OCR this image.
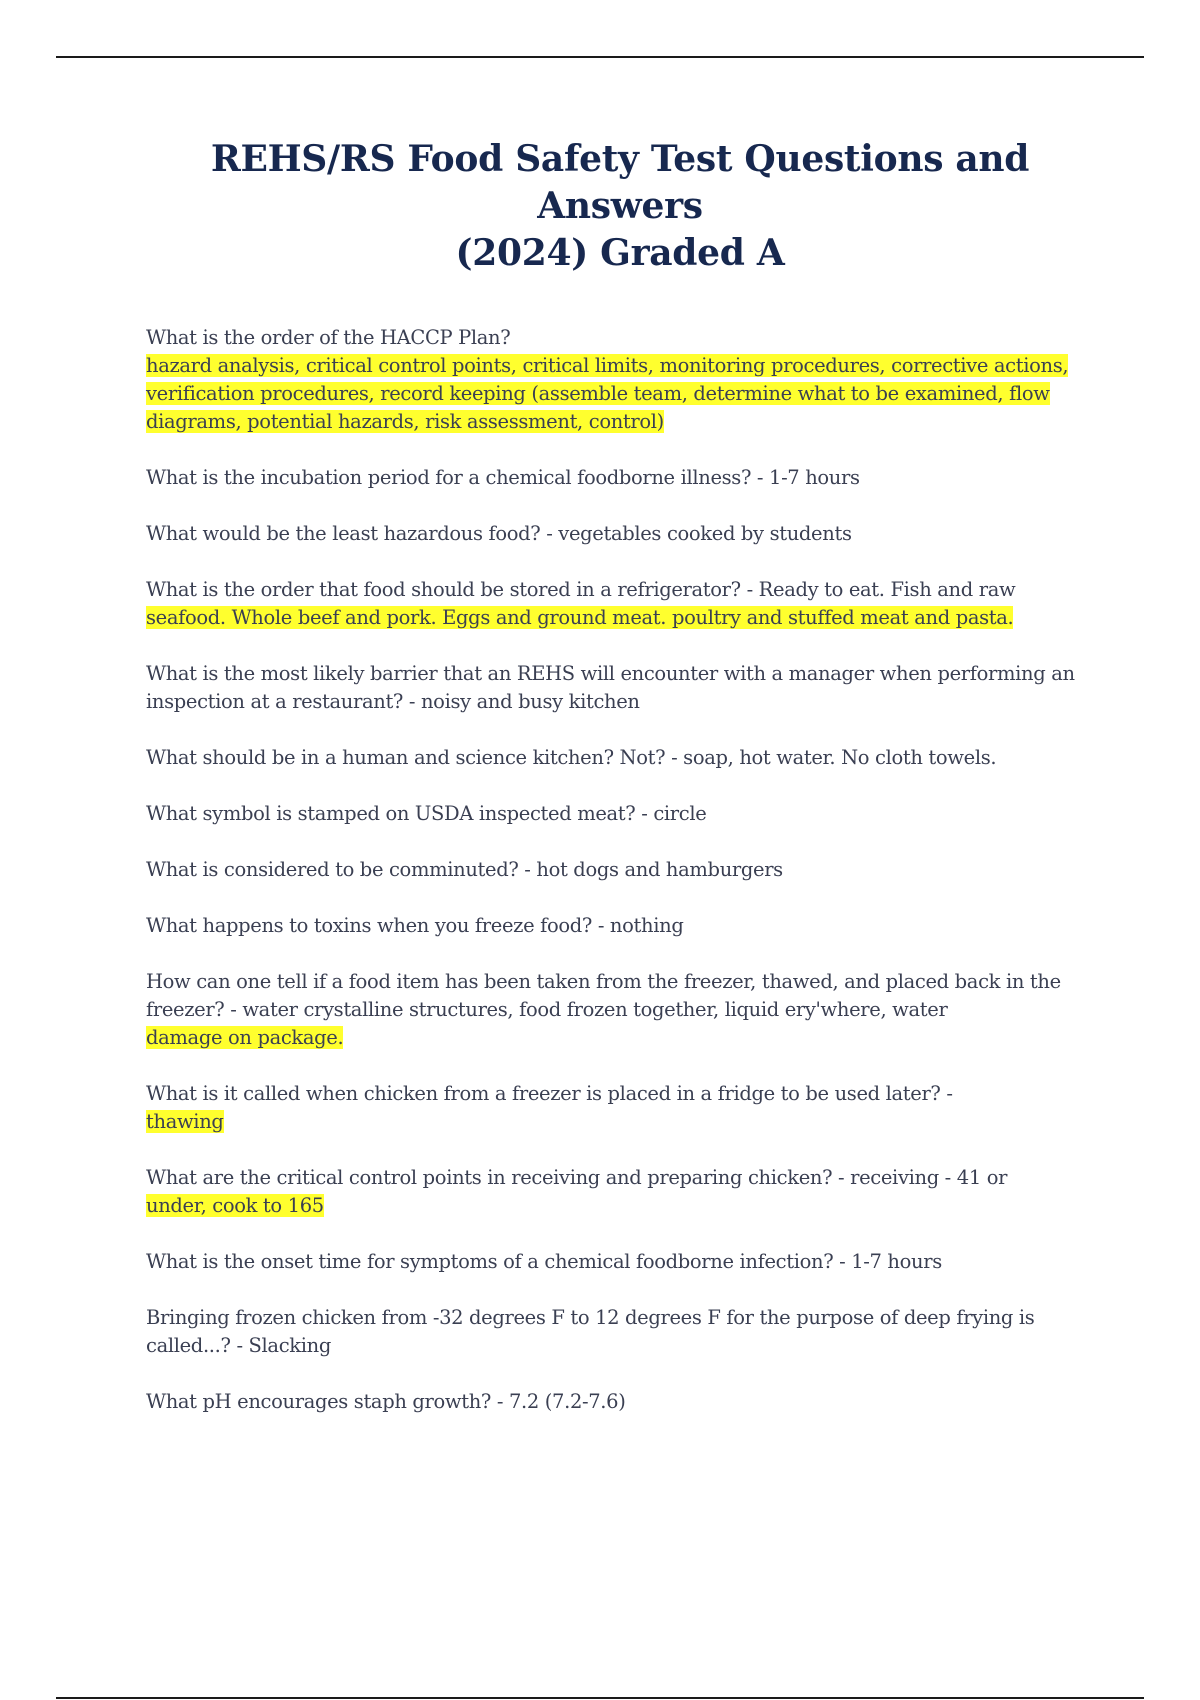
REHS/RS Food Safety Test Questions and Answers
(2024) Graded A

What is the order of the HACCP Plan?
hazard analysis, critical control points, critical limits, monitoring procedures, corrective actions, verification procedures, record keeping (assemble team, determine what to be examined, flow diagrams, potential hazards, risk assessment, control)

What is the incubation period for a chemical foodborne illness? - 1-7 hours

What would be the least hazardous food? - vegetables cooked by students

What is the order that food should be stored in a refrigerator? - Ready to eat. Fish and raw
seafood. Whole beef and pork. Eggs and ground meat. poultry and stuffed meat and pasta.

What is the most likely barrier that an REHS will encounter with a manager when performing an inspection at a restaurant? - noisy and busy kitchen

What should be in a human and science kitchen? Not? - soap, hot water. No cloth towels.

What symbol is stamped on USDA inspected meat? - circle

What is considered to be comminuted? - hot dogs and hamburgers

What happens to toxins when you freeze food? - nothing

How can one tell if a food item has been taken from the freezer, thawed, and placed back in the freezer? - water crystalline structures, food frozen together, liquid ery'where, water
damage on package.

What is it called when chicken from a freezer is placed in a fridge to be used later? -
thawing

What are the critical control points in receiving and preparing chicken? - receiving - 41 or
under, cook to 165

What is the onset time for symptoms of a chemical foodborne infection? - 1-7 hours

Bringing frozen chicken from -32 degrees F to 12 degrees F for the purpose of deep frying is called...? - Slacking

What pH encourages staph growth? - 7.2 (7.2-7.6)
